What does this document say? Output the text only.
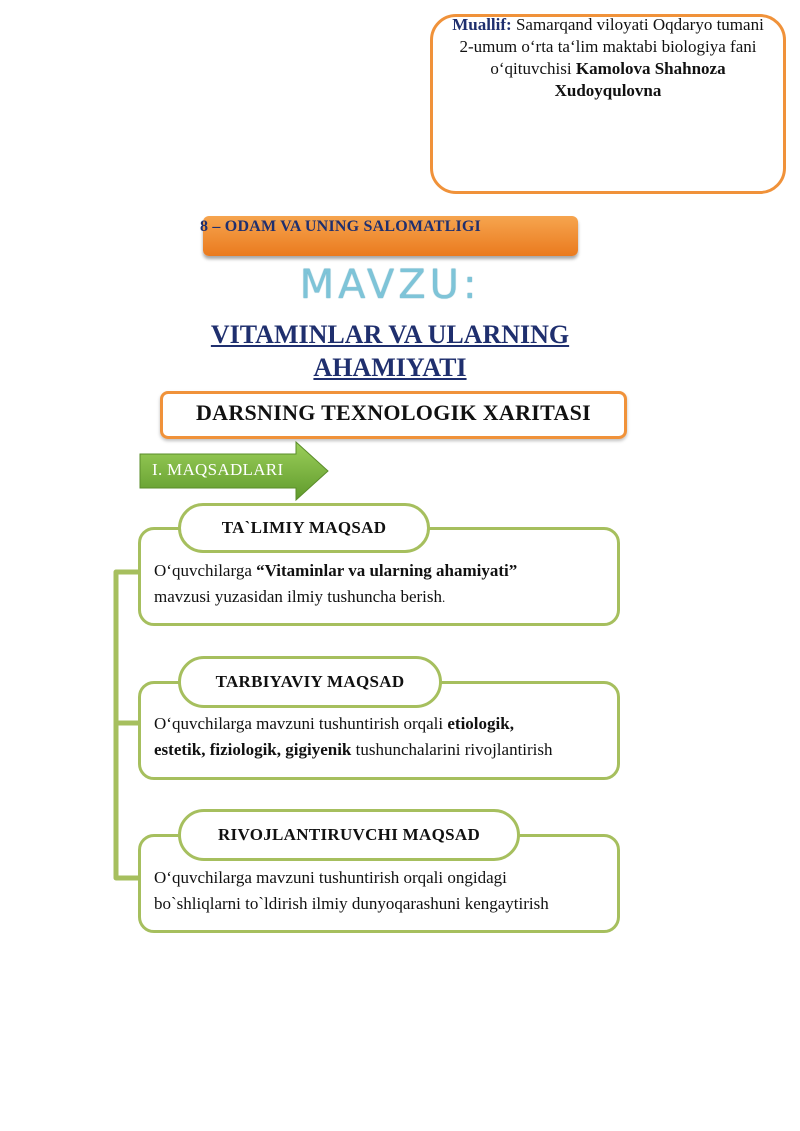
Muallif: Samarqand viloyati Oqdaryo tumani
2-umum o‘rta ta‘lim maktabi biologiya fani
o‘qituvchisi Kamolova Shahnoza
Xudoyqulovna
8 – ODAM VA UNING SALOMATLIGI
MAVZU:
VITAMINLAR VA ULARNING
AHAMIYATI
DARSNING TEXNOLOGIK XARITASI
I. MAQSADLARI
TA`LIMIY MAQSAD
O‘quvchilarga “Vitaminlar va ularning ahamiyati”
mavzusi yuzasidan ilmiy tushuncha berish.
TARBIYAVIY MAQSAD
O‘quvchilarga mavzuni tushuntirish orqali etiologik,
estetik, fiziologik, gigiyenik tushunchalarini rivojlantirish
RIVOJLANTIRUVCHI MAQSAD
O‘quvchilarga mavzuni tushuntirish orqali ongidagi
bo`shliqlarni to`ldirish ilmiy dunyoqarashuni kengaytirish
